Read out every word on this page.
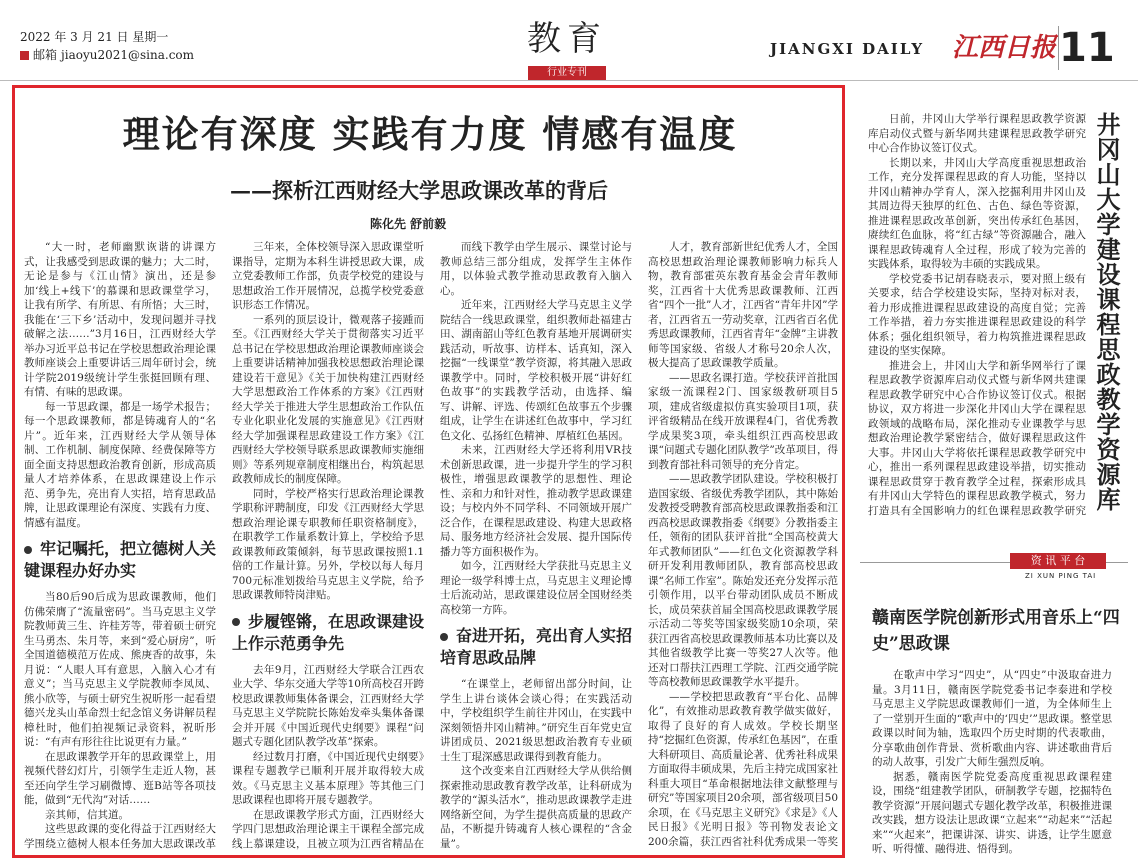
2022 年 3 月 21 日 星期一
邮箱 jiaoyu2021@sina.com	教育
行业专刊
JIANGXI DAILY 江西日报 11
理论有深度 实践有力度 情感有温度
——探析江西财经大学思政课改革的背后
陈化先 舒前毅

“大一时，老师幽默诙谐的讲课方式，让我感受到思政课的魅力；大二时，无论是参与《江山情》演出，还是参加‘线上+线下’的慕课和思政课堂学习，让我有所学、有所思、有所悟；大三时，我能在‘三下乡’活动中，发现问题并寻找破解之法……”3月16日，江西财经大学举办习近平总书记在学校思想政治理论课教师座谈会上重要讲话三周年研讨会，统计学院2019级统计学生张挺回顾有理、有情、有味的思政课。

每一节思政课，都是一场学术报告；每一个思政课教师，都是铸魂育人的“名片”。近年来，江西财经大学从领导体制、工作机制、制度保障、经费保障等方面全面支持思想政治教育创新，形成高质量人才培养体系，在思政课建设上作示范、勇争先，亮出育人实招，培育思政品牌，让思政课理论有深度、实践有力度、情感有温度。

牢记嘱托，把立德树人关键课程办好办实

当80后90后成为思政课教师，他们仿佛荣膺了“流量密码”。当马克思主义学院教师黄三生、许桂芳等，带着硕士研究生马勇杰、朱月等，来到“爱心厨房”，听全国道德模范万佐成、熊庚香的故事，朱月说：“人眼人耳有意思，入脑入心才有意义”；当马克思主义学院教师李凤凤、熊小欣等，与硕士研究生祝昕彤一起看望德兴龙头山革命烈士纪念馆义务讲解员程樟杜时，他们拍视频记录资料，祝昕彤说：“有声有形往往比说更有力量。”

在思政课教学开年的思政课堂上，用视频代替幻灯片，引领学生走近人物，甚至还向学生学习刷微博、逛B站等各项技能，做到“无代沟”对话……

亲其师，信其道。

这些思政课的变化得益于江西财经大学围绕立德树人根本任务加大思政课改革

三年来，全体校领导深入思政课堂听课指导，定期为本科生讲授思政大课，成立党委教师工作部，负责学校党的建设与思想政治工作开展情况，总揽学校党委意识形态工作情况。

一系列的顶层设计，微观落子接踵而至。《江西财经大学关于贯彻落实习近平总书记在学校思想政治理论课教师座谈会上重要讲话精神加强我校思想政治理论课建设若干意见》《关于加快构建江西财经大学思想政治工作体系的方案》《江西财经大学关于推进大学生思想政治工作队伍专业化职业化发展的实施意见》《江西财经大学加强课程思政建设工作方案》《江西财经大学校领导联系思政课教师实施细则》等系列规章制度相继出台，构筑起思政教师成长的制度保障。

同时，学校严格实行思政治理论课教学职称评聘制度，印发《江西财经大学思想政治理论课专职教师任职资格制度》，在职教学工作量系数计算上，学校给予思政课教师政策倾斜，每节思政课按照1.1倍的工作量计算。另外，学校以每人每月700元标准划拨给马克思主义学院，给予思政课教师特岗津贴。

步履铿锵，在思政课建设上作示范勇争先

去年9月，江西财经大学联合江西农业大学、华东交通大学等10所高校召开跨校思政课教师集体备课会，江西财经大学马克思主义学院院长陈始发牵头集体备课会并开展《中国近现代史纲要》课程“问题式专题化团队教学改革”探索。

经过数月打磨，《中国近现代史纲要》课程专题教学已顺利开展并取得较大成效。《马克思主义基本原理》等其他三门思政课程也即将开展专题教学。

在思政课教学形式方面，江西财经大学四门思想政治理论课主干课程全部完成线上慕课建设，且被立项为江西省精品在

而线下教学由学生展示、课堂讨论与教师总结三部分组成，发挥学生主体作用，以体验式教学推动思政教育入脑入心。

近年来，江西财经大学马克思主义学院结合一线思政课堂，组织教师赴福建古田、湖南韶山等红色教育基地开展调研实践活动，听故事、访样本、话真知，深入挖掘“一线课堂”教学资源，将其融入思政课教学中。同时，学校积极开展“讲好红色故事”的实践教学活动，由选择、编写、讲解、评选、传颂红色故事五个步骤组成，让学生在讲述红色故事中，学习红色文化、弘扬红色精神、厚植红色基因。

未来，江西财经大学还将利用VR技术创新思政课，进一步提升学生的学习积极性，增强思政课教学的思想性、理论性、亲和力和针对性，推动教学思政课建设；与校内外不同学科、不同领域开展广泛合作，在课程思政建设、构建大思政格局、服务地方经济社会发展、提升国际传播力等方面积极作为。

如今，江西财经大学获批马克思主义理论一级学科博士点，马克思主义理论博士后流动站，思政课建设位居全国财经类高校第一方阵。

奋进开拓，亮出育人实招培育思政品牌

“在课堂上，老师留出部分时间，让学生上讲台谈体会谈心得；在实践活动中，学校组织学生前往井冈山，在实践中深刻领悟井冈山精神。”研究生百年党史宣讲团成员、2021级思想政治教育专业硕士生丁琨深感思政课得到教育能力。

这个改变来自江西财经大学从供给侧探索推动思政教育教学改革，让科研成为教学的“源头活水”，推动思政课教学走进网络新空间，为学生提供高质量的思政产品，不断提升铸魂育人核心课程的“含金量”。

人才，教育部新世纪优秀人才，全国高校思想政治理论课教师影响力标兵人物，教育部霍英东教育基金会青年教师奖，江西省十大优秀思政课教师、江西省“四个一批”人才，江西省“青年井冈”学者，江西省五一劳动奖章，江西省百名优秀思政课教师，江西省青年“金牌”主讲教师等国家级、省级人才称号20余人次，极大提高了思政课教学质量。

——思政名课打造。学校获评首批国家级一流课程2门、国家级教研项目5项，建成省级虚拟仿真实验项目1项，获评省级精品在线开放课程4门，省优秀教学成果奖3项，牵头组织江西高校思政课“问题式专题化团队教学”改革项目，得到教育部社科司领导的充分肯定。

——思政教学团队建设。学校积极打造国家级、省级优秀教学团队，其中陈始发教授受聘教育部高校思政课教指委和江西高校思政课教指委《纲要》分教指委主任，领衔的团队获评首批“全国高校黄大年式教师团队”——红色文化资源教学科研开发利用教师团队，教育部高校思政课“名师工作室”。陈始发还充分发挥示范引领作用，以平台带动团队成员不断成长，成员荣获首届全国高校思政课教学展示活动二等奖等国家级奖励10余项，荣获江西省高校思政课教师基本功比赛以及其他省级教学比赛一等奖27人次等。他还对口帮扶江西理工学院、江西交通学院等高校教师思政课教学水平提升。

——学校把思政教育“平台化、品牌化”，有效推动思政教育教学做实做好，取得了良好的育人成效。学校长期坚持“挖掘红色资源，传承红色基因”，在重大科研项目、高质量论著、优秀社科成果方面取得丰硕成果，先后主持完成国家社科重大项目“革命根据地法律文献整理与研究”等国家项目20余项，部省级项目50余项，在《马克思主义研究》《求是》《人民日报》《光明日报》等刊物发表论文200余篇，获江西省社科优秀成果一等奖

日前，井冈山大学举行课程思政教学资源库启动仪式暨与新华网共建课程思政教学研究中心合作协议签订仪式。

长期以来，井冈山大学高度重视思想政治工作，充分发挥课程思政的育人功能，坚持以井冈山精神办学育人，深入挖掘利用井冈山及其周边得天独厚的红色、古色、绿色等资源，推进课程思政改革创新，突出传承红色基因，赓续红色血脉，将“红古绿”等资源融合，融入课程思政铸魂育人全过程，形成了较为完善的实践体系，取得较为丰硕的实践成果。

学校党委书记胡春晓表示，要对照上级有关要求，结合学校建设实际，坚持对标对表，着力形成推进课程思政建设的高度自觉；完善工作举措，着力夯实推进课程思政建设的科学体系；强化组织领导，着力构筑推进课程思政建设的坚实保障。

推进会上，井冈山大学和新华网举行了课程思政教学资源库启动仪式暨与新华网共建课程思政教学研究中心合作协议签订仪式。根据协议，双方将进一步深化井冈山大学在课程思政领域的战略布局，深化推动专业课教学与思想政治理论教学紧密结合，做好课程思政这件大事。井冈山大学将依托课程思政教学研究中心，推出一系列课程思政建设举措，切实推动课程思政贯穿于教育教学全过程，探索形成具有井冈山大学特色的课程思政教学模式，努力打造具有全国影响力的红色课程思政教学研究 井冈山大学建设课程思政教学资源库
资 讯 平 台
ZI XUN PING TAI
赣南医学院创新形式用音乐上“四史”思政课

在歌声中学习“四史”，从“四史”中汲取奋进力量。3月11日，赣南医学院党委书记李泰进和学校马克思主义学院思政课教师们一道，为全体师生上了一堂别开生面的“歌声中的‘四史’”思政课。整堂思政课以时间为轴，选取四个历史时期的代表歌曲，分享歌曲创作背景、赏析歌曲内容、讲述歌曲背后的动人故事，引发广大师生强烈反响。

据悉，赣南医学院党委高度重视思政课程建设，围绕“组建教学团队，研制教学专题，挖掘特色教学资源”开展问题式专题化教学改革，积极推进课改实践，想方设法让思政课“立起来”“动起来”“活起来”“火起来”，把课讲深、讲实、讲透，让学生愿意听、听得懂、融得进、悟得到。
